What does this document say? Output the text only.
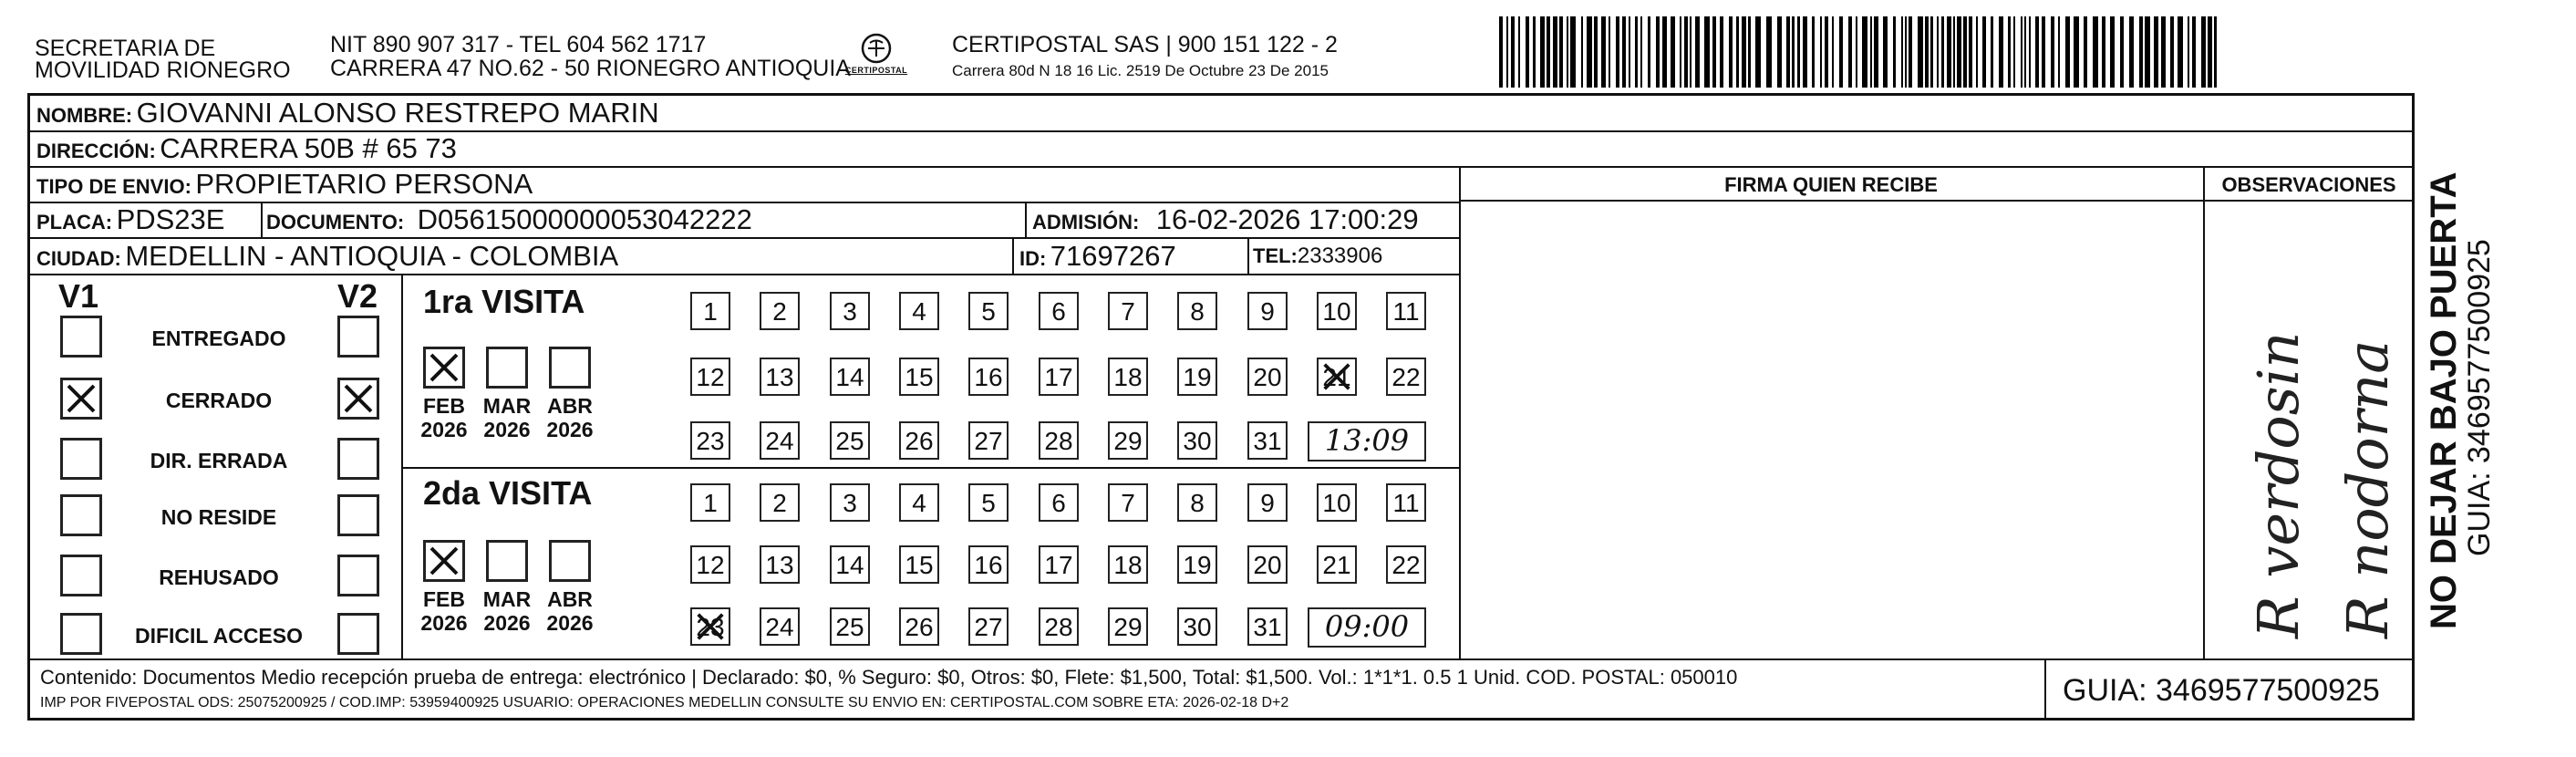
SECRETARIA DE
MOVILIDAD RIONEGRO
NIT 890 907 317 - TEL 604 562 1717
CARRERA 47 NO.62 - 50 RIONEGRO ANTIOQUIA
CERTIPOSTAL
CERTIPOSTAL SAS | 900 151 122 - 2
Carrera 80d N 18 16 Lic. 2519 De Octubre 23 De 2015
NO DEJAR BAJO PUERTA
GUIA: 3469577500925
NOMBRE: GIOVANNI ALONSO RESTREPO MARIN
DIRECCIÓN: CARRERA 50B # 65 73
TIPO DE ENVIO: PROPIETARIO PERSONA	FIRMA QUIEN RECIBE	OBSERVACIONES
PLACA: PDS23E DOCUMENTO: D05615000000053042222	ADMISIÓN: 16-02-2026 17:00:29
CIUDAD: MEDELLIN - ANTIOQUIA - COLOMBIA	ID: 71697267	TEL:2333906
V1	V2
ENTREGADO
CERRADO
DIR. ERRADA
NO RESIDE
REHUSADO
DIFICIL ACCESO
1ra VISITA
2da VISITA
FEB
2026
MAR
2026
ABR
2026
1	2	3	4	5	6	7	8	9	10 11
12 13 14 15 16 17 18 19 20 21 22
23 24 25 26 27 28 29 30 31	13:09
FEB
2026
MAR
2026
ABR
2026
1	2	3	4	5	6	7	8	9	10 11
12 13 14 15 16 17 18 19 20 21 22
23 24 25 26 27 28 29 30 31	09:00	R verdosin R nodorna
Contenido: Documentos Medio recepción prueba de entrega: electrónico | Declarado: $0, % Seguro: $0, Otros: $0, Flete: $1,500, Total: $1,500. Vol.: 1*1*1. 0.5 1 Unid. COD. POSTAL: 050010
IMP POR FIVEPOSTAL ODS: 25075200925 / COD.IMP: 53959400925 USUARIO: OPERACIONES MEDELLIN CONSULTE SU ENVIO EN: CERTIPOSTAL.COM SOBRE ETA: 2026-02-18 D+2	GUIA: 3469577500925
